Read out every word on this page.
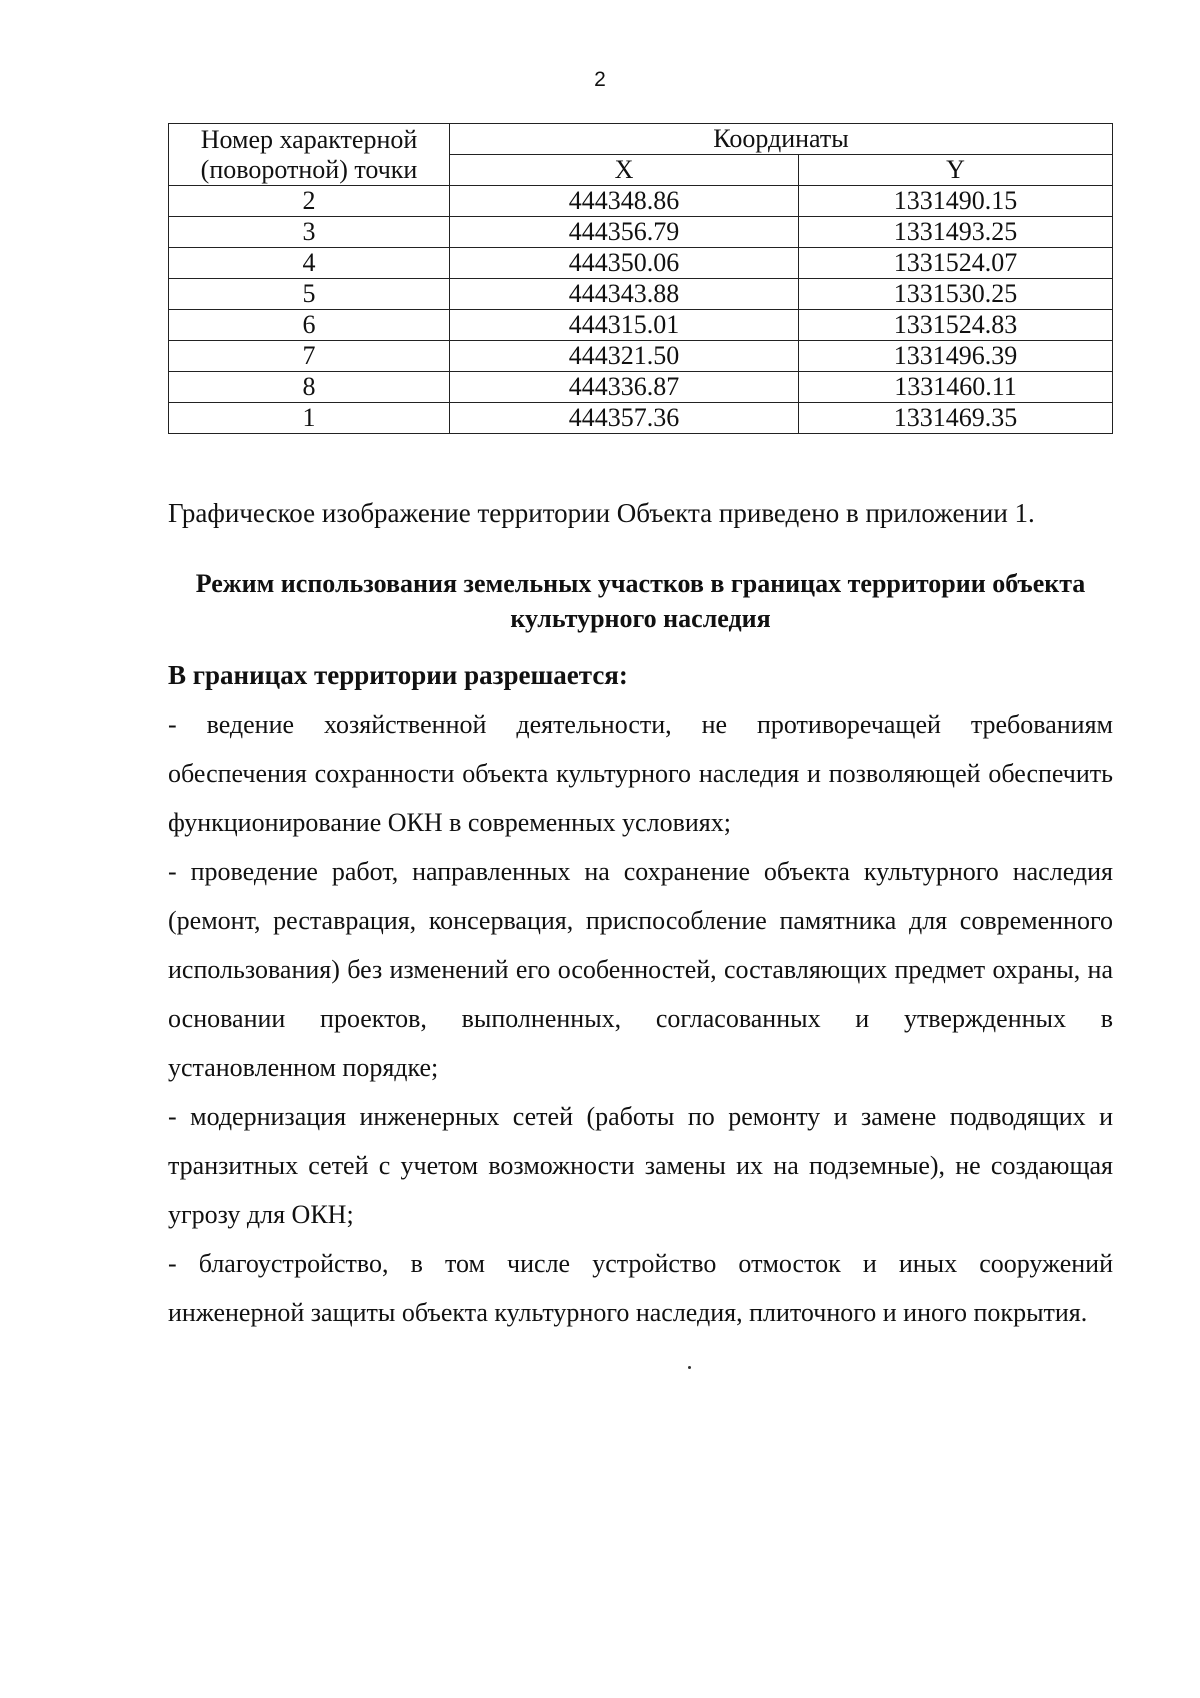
2
Номер характерной (поворотной) точки	Координаты	
	X	Y
2	444348.86	1331490.15
3	444356.79	1331493.25
4	444350.06	1331524.07
5	444343.88	1331530.25
6	444315.01	1331524.83
7	444321.50	1331496.39
8	444336.87	1331460.11
1	444357.36	1331469.35
Графическое изображение территории Объекта приведено в приложении 1.
Режим использования земельных участков в границах территории объекта культурного наследия
В границах территории разрешается:

- ведение хозяйственной деятельности, не противоречащей требованиям обеспечения сохранности объекта культурного наследия и позволяющей обеспечить функционирование ОКН в современных условиях;

- проведение работ, направленных на сохранение объекта культурного наследия (ремонт, реставрация, консервация, приспособление памятника для современного использования) без изменений его особенностей, составляющих предмет охраны, на основании проектов, выполненных, согласованных и утвержденных в установленном порядке;

- модернизация инженерных сетей (работы по ремонту и замене подводящих и транзитных сетей с учетом возможности замены их на подземные), не создающая угрозу для ОКН;

- благоустройство, в том числе устройство отмосток и иных сооружений инженерной защиты объекта культурного наследия, плиточного и иного покрытия.
